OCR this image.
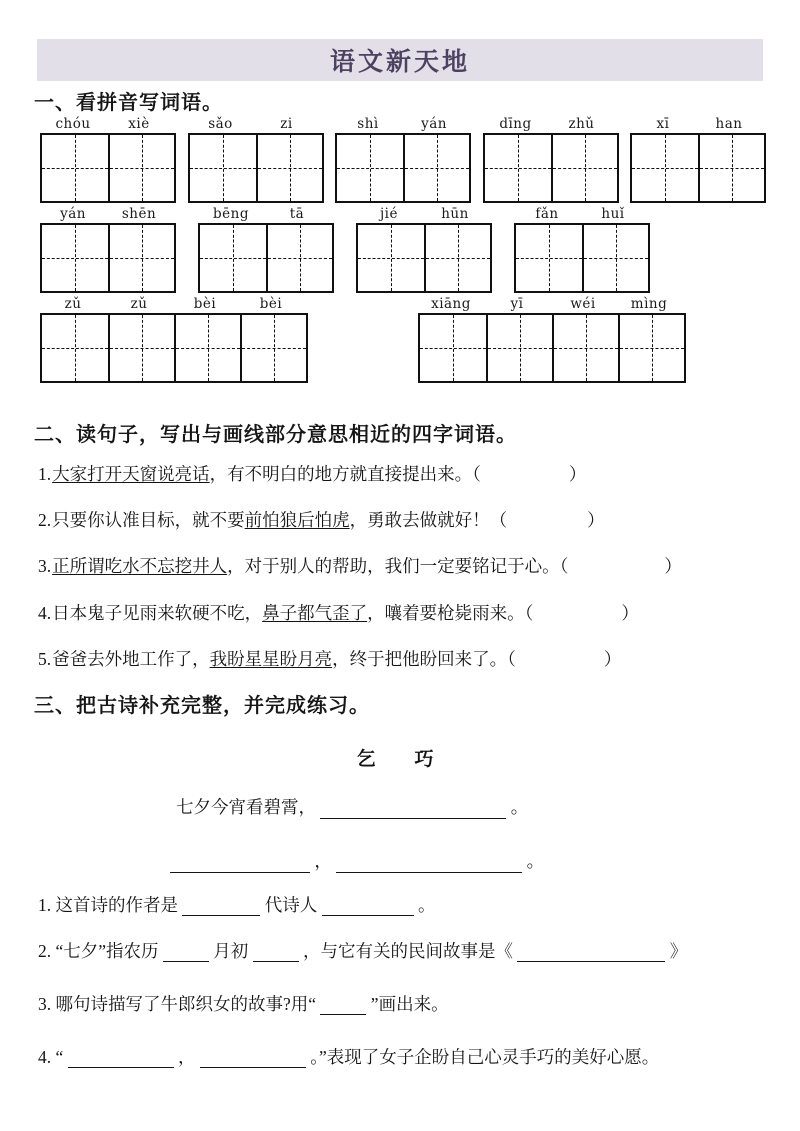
语文新天地
一、看拼音写词语。
chóu	xiè	sǎo	zi	shì	yán	dīng	zhǔ	xī	han
yán	shēn	bēng	tā	jié	hūn	fǎn	huǐ
zǔ	zǔ	bèi	bèi	xiāng	yī	wéi	mìng
二、读句子，写出与画线部分意思相近的四字词语。
1.大家打开天窗说亮话，有不明白的地方就直接提出来。（	）
2.只要你认准目标，就不要前怕狼后怕虎，勇敢去做就好！（	）
3.正所谓吃水不忘挖井人，对于别人的帮助，我们一定要铭记于心。（	）
4.日本鬼子见雨来软硬不吃，鼻子都气歪了，嚷着要枪毙雨来。（	）
5.爸爸去外地工作了，我盼星星盼月亮，终于把他盼回来了。（	）
三、把古诗补充完整，并完成练习。
乞　巧
七夕今宵看碧霄，	。
，	。
1. 这首诗的作者是	代诗人	。
2. “七夕”指农历	月初	，与它有关的民间故事是《	》
3. 哪句诗描写了牛郎织女的故事?用“	”画出来。
4. “	，	。”表现了女子企盼自己心灵手巧的美好心愿。
